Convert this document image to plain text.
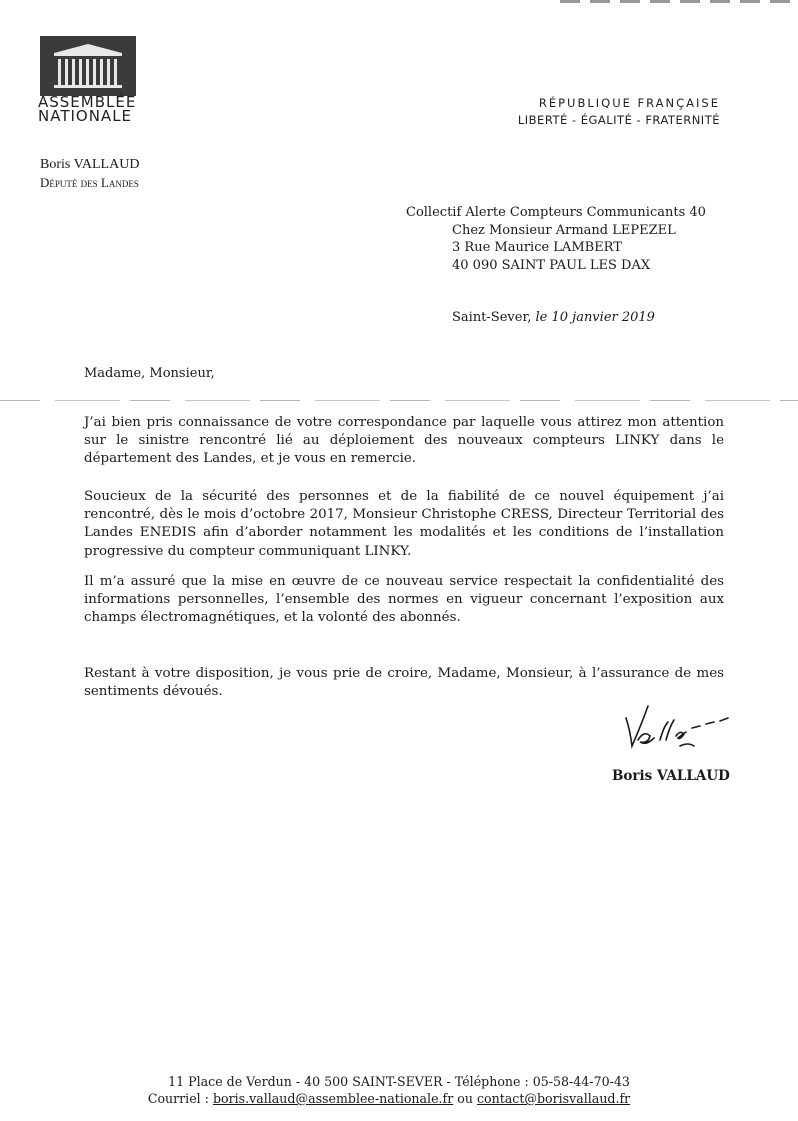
ASSEMBLÉE
NATIONALE
RÉPUBLIQUE FRANÇAISE
LIBERTÉ - ÉGALITÉ - FRATERNITÉ
Boris VALLAUD
Député des Landes
Collectif Alerte Compteurs Communicants 40
Chez Monsieur Armand LEPEZEL
3 Rue Maurice LAMBERT
40 090 SAINT PAUL LES DAX
Saint-Sever, le 10 janvier 2019
Madame, Monsieur,
J’ai bien pris connaissance de votre correspondance par laquelle vous attirez mon attention sur le sinistre rencontré lié au déploiement des nouveaux compteurs LINKY dans le département des Landes, et je vous en remercie.
Soucieux de la sécurité des personnes et de la fiabilité de ce nouvel équipement j’ai rencontré, dès le mois d’octobre 2017, Monsieur Christophe CRESS, Directeur Territorial des Landes ENEDIS afin d’aborder notamment les modalités et les conditions de l’installation progressive du compteur communiquant LINKY.
Il m’a assuré que la mise en œuvre de ce nouveau service respectait la confidentialité des informations personnelles, l’ensemble des normes en vigueur concernant l’exposition aux champs électromagnétiques, et la volonté des abonnés.
Restant à votre disposition, je vous prie de croire, Madame, Monsieur, à l’assurance de mes sentiments dévoués.
Boris VALLAUD
11 Place de Verdun - 40 500 SAINT-SEVER - Téléphone : 05-58-44-70-43
Courriel : boris.vallaud@assemblee-nationale.fr ou contact@borisvallaud.fr
